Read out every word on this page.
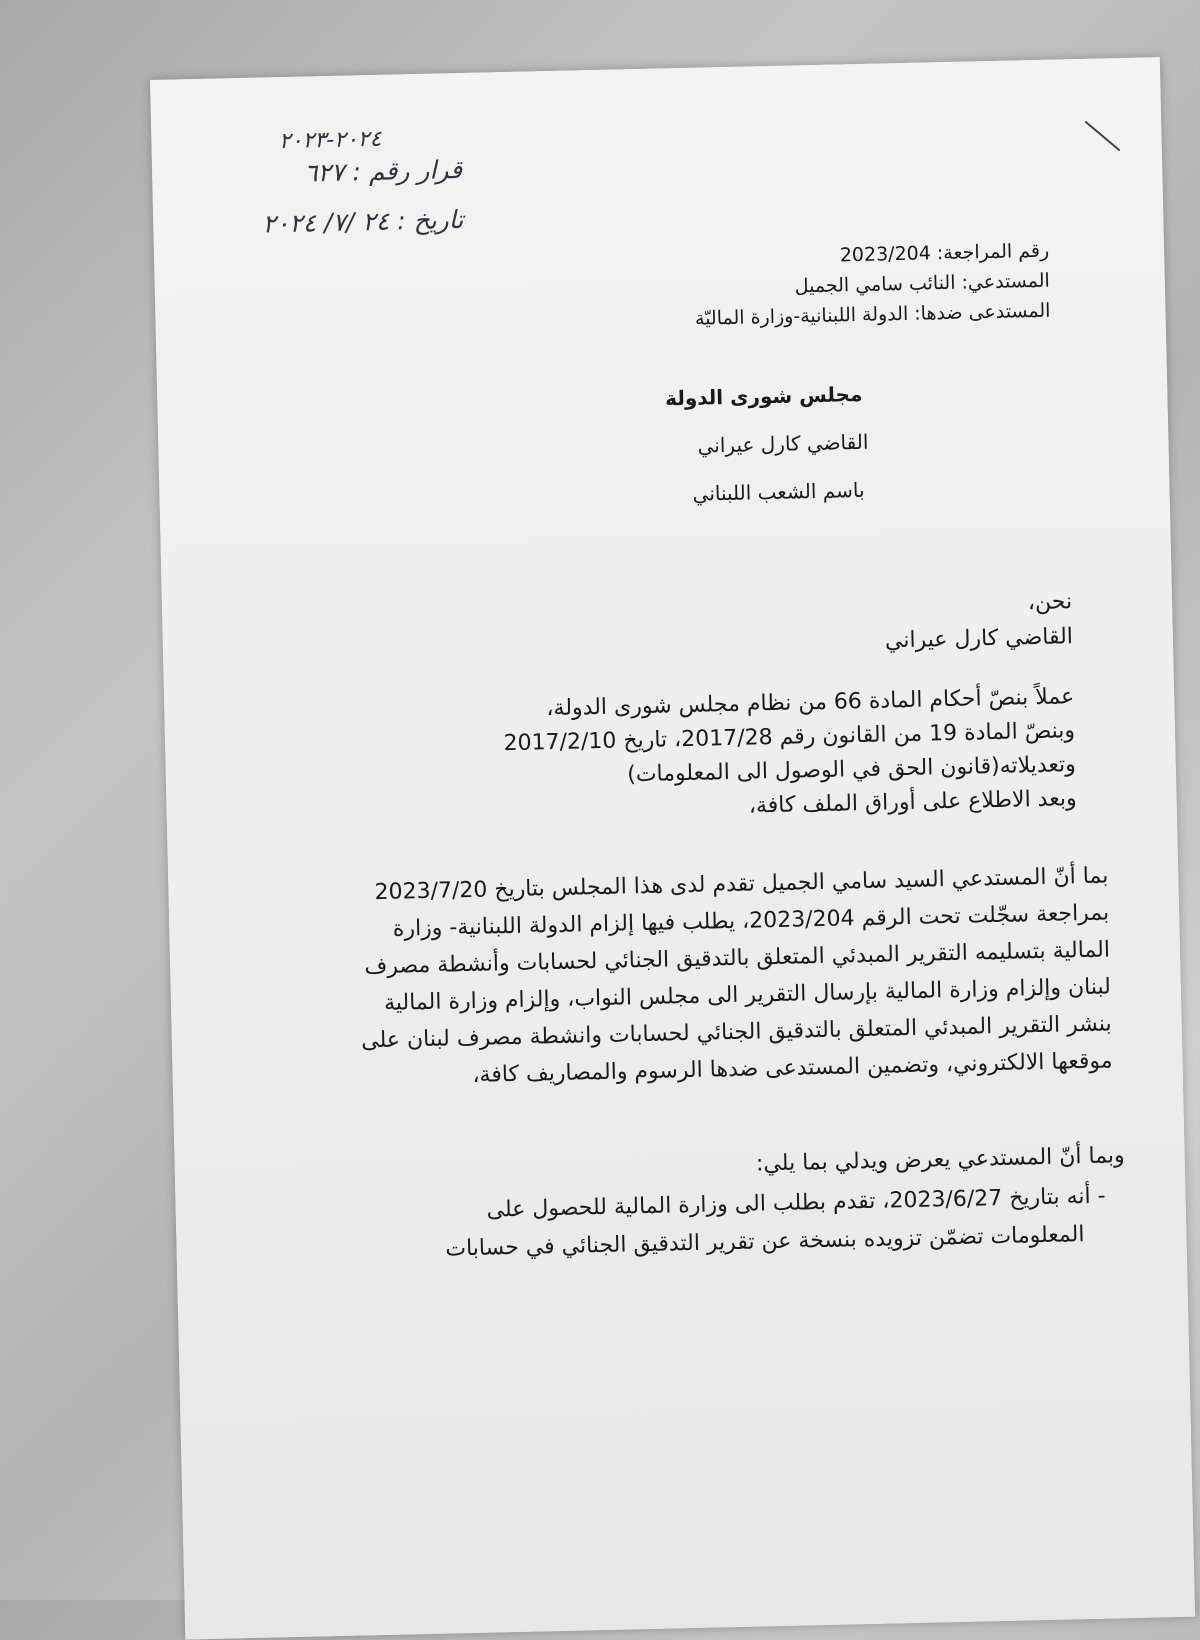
٢٠٢٤-٢٠٢٣
قرار رقم : ٦٢٧
تاريخ : ٢٤ /٧/ ٢٠٢٤
رقم المراجعة: 2023/204
المستدعي: النائب سامي الجميل
المستدعى ضدها: الدولة اللبنانية-وزارة الماليّة
مجلس شورى الدولة
القاضي كارل عيراني
باسم الشعب اللبناني
نحن،
القاضي كارل عيراني
عملاً بنصّ أحكام المادة 66 من نظام مجلس شورى الدولة،
وبنصّ المادة 19 من القانون رقم 2017/28، تاريخ 2017/2/10
وتعديلاته(قانون الحق في الوصول الى المعلومات)
وبعد الاطلاع على أوراق الملف كافة،
بما أنّ المستدعي السيد سامي الجميل تقدم لدى هذا المجلس بتاريخ 2023/7/20
بمراجعة سجّلت تحت الرقم 2023/204، يطلب فيها إلزام الدولة اللبنانية- وزارة
المالية بتسليمه التقرير المبدئي المتعلق بالتدقيق الجنائي لحسابات وأنشطة مصرف
لبنان وإلزام وزارة المالية بإرسال التقرير الى مجلس النواب، وإلزام وزارة المالية
بنشر التقرير المبدئي المتعلق بالتدقيق الجنائي لحسابات وانشطة مصرف لبنان على
موقعها الالكتروني، وتضمين المستدعى ضدها الرسوم والمصاريف كافة،
وبما أنّ المستدعي يعرض ويدلي بما يلي:
- أنه بتاريخ 2023/6/27، تقدم بطلب الى وزارة المالية للحصول على
المعلومات تضمّن تزويده بنسخة عن تقرير التدقيق الجنائي في حسابات
